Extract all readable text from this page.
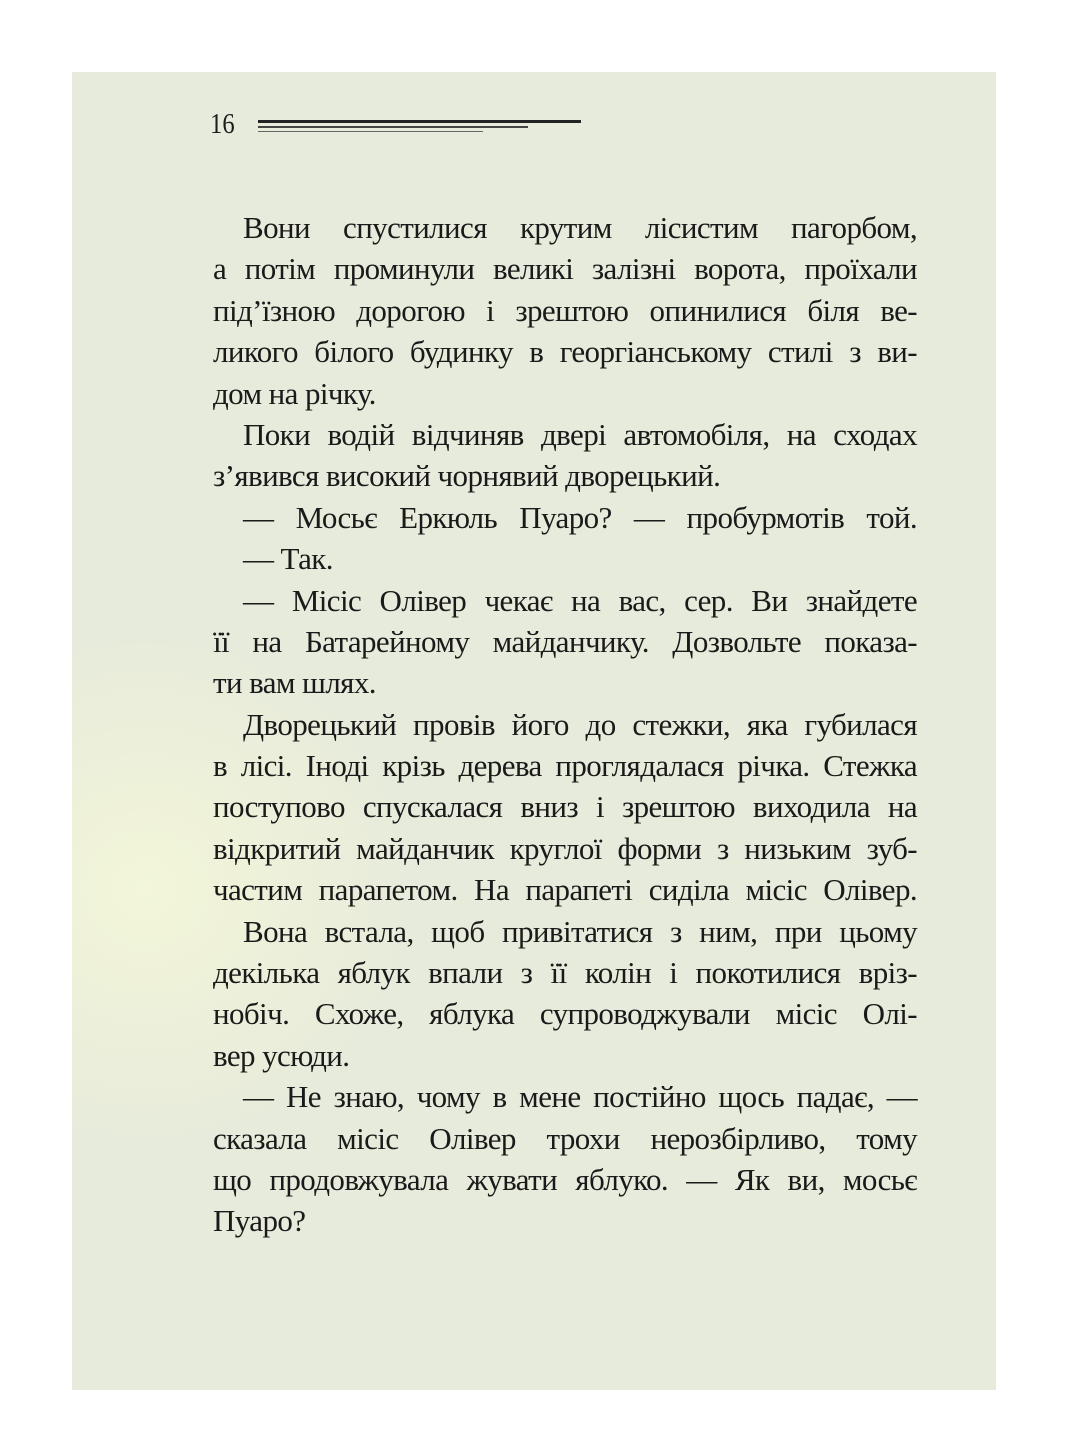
16
Вони спустилися крутим лісистим пагорбом,
а потім проминули великі залізні ворота, проїхали
під’їзною дорогою і зрештою опинилися біля ве-
ликого білого будинку в георгіанському стилі з ви-
дом на річку.
Поки водій відчиняв двері автомобіля, на сходах
з’явився високий чорнявий дворецький.
— Мосьє Еркюль Пуаро? — пробурмотів той.
— Так.
— Місіс Олівер чекає на вас, сер. Ви знайдете
її на Батарейному майданчику. Дозвольте показа-
ти вам шлях.
Дворецький провів його до стежки, яка губилася
в лісі. Іноді крізь дерева проглядалася річка. Стежка
поступово спускалася вниз і зрештою виходила на
відкритий майданчик круглої форми з низьким зуб-
частим парапетом. На парапеті сиділа місіс Олівер.
Вона встала, щоб привітатися з ним, при цьому
декілька яблук впали з її колін і покотилися вріз-
нобіч. Схоже, яблука супроводжували місіс Олі-
вер усюди.
— Не знаю, чому в мене постійно щось падає, —
сказала місіс Олівер трохи нерозбірливо, тому
що продовжувала жувати яблуко. — Як ви, мосьє
Пуаро?
